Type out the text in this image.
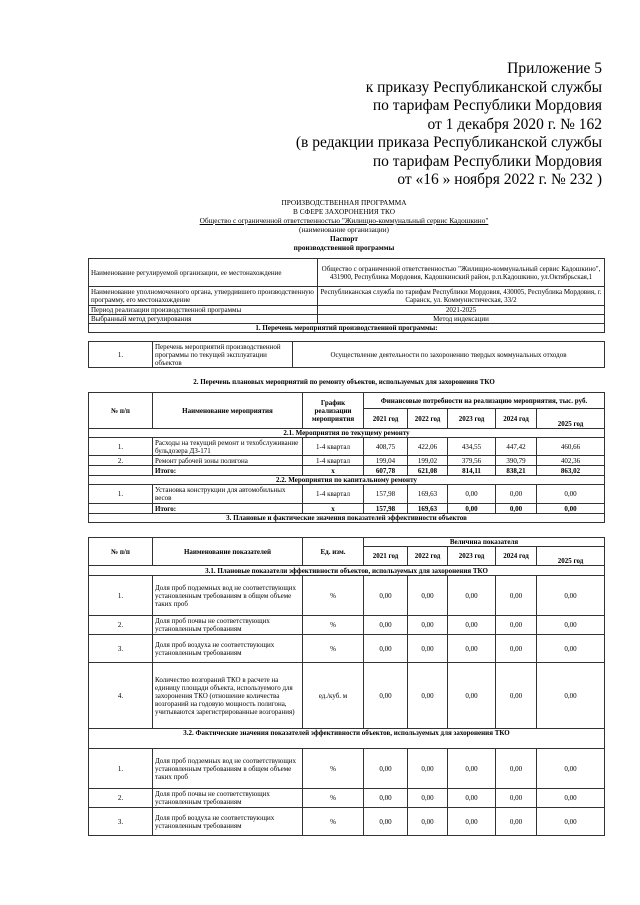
Приложение 5
к приказу Республиканской службы
по тарифам Республики Мордовия
от 1 декабря 2020 г. № 162
(в редакции приказа Республиканской службы
по тарифам Республики Мордовия
от «16 » ноября 2022 г. № 232 )
ПРОИЗВОДСТВЕННАЯ ПРОГРАММА
В СФЕРЕ ЗАХОРОНЕНИЯ ТКО
Общество с ограниченной ответственностью "Жилищно-коммунальный сервис Кадошкино"
(наименование организации)
Паспорт
производственной программы
Наименование регулируемой организации, ее местонахождение	Общество с ограниченной ответственностью "Жилищно-коммунальный сервис Кадошкино", 431900, Республика Мордовия, Кадошкинский район, р.п.Кадошкино, ул.Октябрьская,1
Наименование уполномоченного органа, утвердившего производственную программу, его местонахождение	Республиканская служба по тарифам Республики Мордовия, 430005, Республика Мордовия, г. Саранск, ул. Коммунистическая, 33/2
Период реализации производственной программы	2021-2025
Выбранный метод регулирования	Метод индексации
1. Перечень мероприятий производственной программы:	
1.	Перечень мероприятий производственной программы по текущей эксплуатации объектов	Осуществление деятельности по захоронению твердых коммунальных отходов
2. Перечень плановых мероприятий по ремонту объектов, используемых для захоронения ТКО
№ п/п	Наименование мероприятия	График реализации мероприятия	Финансовые потребности на реализацию мероприятия, тыс. руб.				
			2021 год	2022 год	2023 год	2024 год	2025 год
2.1. Мероприятия по текущему ремонту							
1.	Расходы на текущий ремонт и техобслуживание бульдозера ДЗ-171	1-4 квартал	408,75	422,06	434,55	447,42	460,66
2.	Ремонт рабочей зоны полигона	1-4 квартал	199,04	199,02	379,56	390,79	402,36
	Итого:	х	607,78	621,08	814,11	838,21	863,02
2.2. Мероприятия по капитальному ремонту							
1.	Установка конструкции для автомобильных весов	1-4 квартал	157,98	169,63	0,00	0,00	0,00
	Итого:	х	157,98	169,63	0,00	0,00	0,00
3. Плановые и фактические значения показателей эффективности объектов							
№ п/п	Наименование показателей	Ед. изм.	Величина показателя				
			2021 год	2022 год	2023 год	2024 год	2025 год
3.1. Плановые показатели эффективности объектов, используемых для захоронения ТКО							
1.	Доля проб подземных вод не соответствующих установленным требованиям в общем объеме таких проб	%	0,00	0,00	0,00	0,00	0,00
2.	Доля проб почвы не соответствующих установленным требованиям	%	0,00	0,00	0,00	0,00	0,00
3.	Доля проб воздуха не соответствующих установленным требованиям	%	0,00	0,00	0,00	0,00	0,00
4.	Количество возгораний ТКО в расчете на единицу площади объекта, используемого для захоронения ТКО (отношение количества возгораний на годовую мощность полигона, учитываются зарегистрированные возгорания)	ед./куб. м	0,00	0,00	0,00	0,00	0,00
3.2. Фактические значения показателей эффективности объектов, используемых для захоронения ТКО							
1.	Доля проб подземных вод не соответствующих установленным требованиям в общем объеме таких проб	%	0,00	0,00	0,00	0,00	0,00
2.	Доля проб почвы не соответствующих установленным требованиям	%	0,00	0,00	0,00	0,00	0,00
3.	Доля проб воздуха не соответствующих установленным требованиям	%	0,00	0,00	0,00	0,00	0,00
